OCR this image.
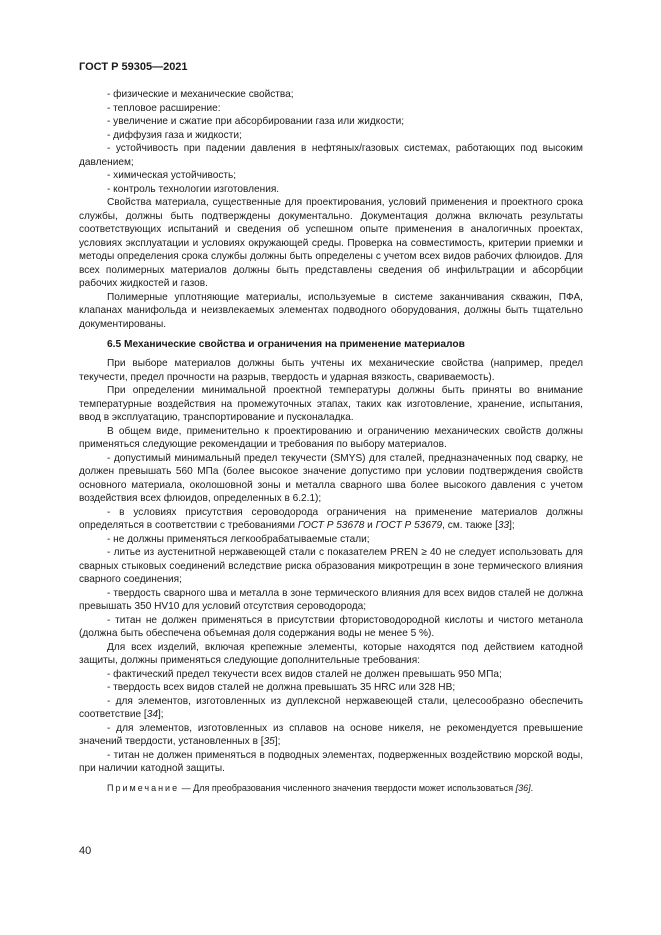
ГОСТ Р 59305—2021
- физические и механические свойства;
- тепловое расширение:
- увеличение и сжатие при абсорбировании газа или жидкости;
- диффузия газа и жидкости;
- устойчивость при падении давления в нефтяных/газовых системах, работающих под высоким давлением;
- химическая устойчивость;
- контроль технологии изготовления.
Свойства материала, существенные для проектирования, условий применения и проектного срока службы, должны быть подтверждены документально. Документация должна включать результаты соответствующих испытаний и сведения об успешном опыте применения в аналогичных проектах, условиях эксплуатации и условиях окружающей среды. Проверка на совместимость, критерии приемки и методы определения срока службы должны быть определены с учетом всех видов рабочих флюидов. Для всех полимерных материалов должны быть представлены сведения об инфильтрации и абсорбции рабочих жидкостей и газов.
Полимерные уплотняющие материалы, используемые в системе заканчивания скважин, ПФА, клапанах манифольда и неизвлекаемых элементах подводного оборудования, должны быть тщательно документированы.
6.5 Механические свойства и ограничения на применение материалов
При выборе материалов должны быть учтены их механические свойства (например, предел текучести, предел прочности на разрыв, твердость и ударная вязкость, свариваемость).
При определении минимальной проектной температуры должны быть приняты во внимание температурные воздействия на промежуточных этапах, таких как изготовление, хранение, испытания, ввод в эксплуатацию, транспортирование и пусконаладка.
В общем виде, применительно к проектированию и ограничению механических свойств должны применяться следующие рекомендации и требования по выбору материалов.
- допустимый минимальный предел текучести (SMYS) для сталей, предназначенных под сварку, не должен превышать 560 МПа (более высокое значение допустимо при условии подтверждения свойств основного материала, околошовной зоны и металла сварного шва более высокого давления с учетом воздействия всех флюидов, определенных в 6.2.1);
- в условиях присутствия сероводорода ограничения на применение материалов должны определяться в соответствии с требованиями ГОСТ Р 53678 и ГОСТ Р 53679, см. также [33];
- не должны применяться легкообрабатываемые стали;
- литье из аустенитной нержавеющей стали с показателем PREN ≥ 40 не следует использовать для сварных стыковых соединений вследствие риска образования микротрещин в зоне термического влияния сварного соединения;
- твердость сварного шва и металла в зоне термического влияния для всех видов сталей не должна превышать 350 HV10 для условий отсутствия сероводорода;
- титан не должен применяться в присутствии фтористоводородной кислоты и чистого метанола (должна быть обеспечена объемная доля содержания воды не менее 5 %).
Для всех изделий, включая крепежные элементы, которые находятся под действием катодной защиты, должны применяться следующие дополнительные требования:
- фактический предел текучести всех видов сталей не должен превышать 950 МПа;
- твердость всех видов сталей не должна превышать 35 HRC или 328 HB;
- для элементов, изготовленных из дуплексной нержавеющей стали, целесообразно обеспечить соответствие [34];
- для элементов, изготовленных из сплавов на основе никеля, не рекомендуется превышение значений твердости, установленных в [35];
- титан не должен применяться в подводных элементах, подверженных воздействию морской воды, при наличии катодной защиты.
Примечание — Для преобразования численного значения твердости может использоваться [36].
40
